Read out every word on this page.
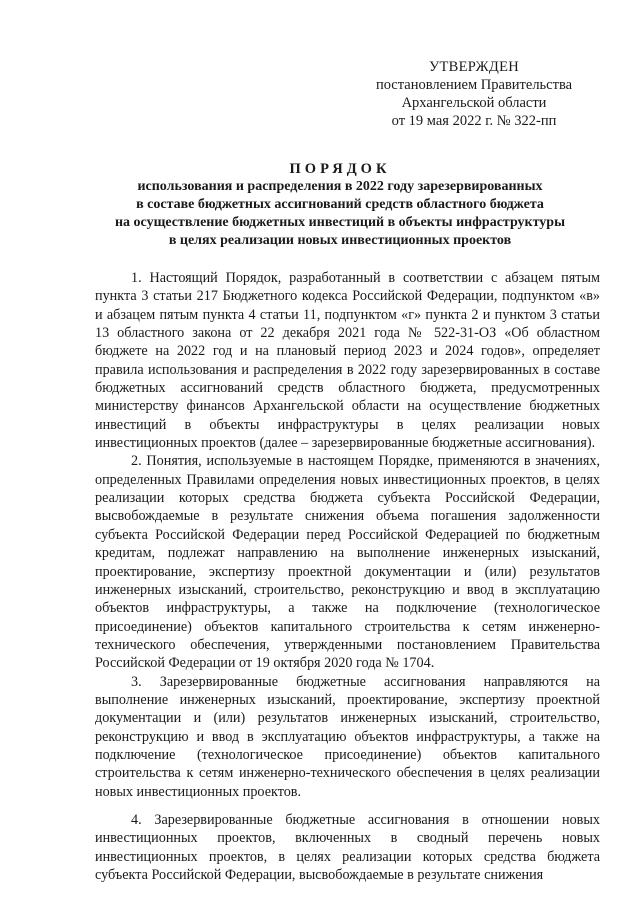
УТВЕРЖДЕН
постановлением Правительства
Архангельской области
от 19 мая 2022 г. № 322-пп
ПОРЯДОК
использования и распределения в 2022 году зарезервированных
в составе бюджетных ассигнований средств областного бюджета
на осуществление бюджетных инвестиций в объекты инфраструктуры
в целях реализации новых инвестиционных проектов

1. Настоящий Порядок, разработанный в соответствии с абзацем пятым пункта 3 статьи 217 Бюджетного кодекса Российской Федерации, подпунктом «в» и абзацем пятым пункта 4 статьи 11, подпунктом «г» пункта 2 и пунктом 3 статьи 13 областного закона от 22 декабря 2021 года № 522-31-ОЗ «Об областном бюджете на 2022 год и на плановый период 2023 и 2024 годов», определяет правила использования и распределения в 2022 году зарезервированных в составе бюджетных ассигнований средств областного бюджета, предусмотренных министерству финансов Архангельской области на осуществление бюджетных инвестиций в объекты инфраструктуры в целях реализации новых инвестиционных проектов (далее – зарезервированные бюджетные ассигнования).

2. Понятия, используемые в настоящем Порядке, применяются в значениях, определенных Правилами определения новых инвестиционных проектов, в целях реализации которых средства бюджета субъекта Российской Федерации, высвобождаемые в результате снижения объема погашения задолженности субъекта Российской Федерации перед Российской Федерацией по бюджетным кредитам, подлежат направлению на выполнение инженерных изысканий, проектирование, экспертизу проектной документации и (или) результатов инженерных изысканий, строительство, реконструкцию и ввод в эксплуатацию объектов инфраструктуры, а также на подключение (технологическое присоединение) объектов капитального строительства к сетям инженерно-технического обеспечения, утвержденными постановлением Правительства Российской Федерации от 19 октября 2020 года № 1704.

3. Зарезервированные бюджетные ассигнования направляются на выполнение инженерных изысканий, проектирование, экспертизу проектной документации и (или) результатов инженерных изысканий, строительство, реконструкцию и ввод в эксплуатацию объектов инфраструктуры, а также на подключение (технологическое присоединение) объектов капитального строительства к сетям инженерно-технического обеспечения в целях реализации новых инвестиционных проектов.

4. Зарезервированные бюджетные ассигнования в отношении новых инвестиционных проектов, включенных в сводный перечень новых инвестиционных проектов, в целях реализации которых средства бюджета субъекта Российской Федерации, высвобождаемые в результате снижения
